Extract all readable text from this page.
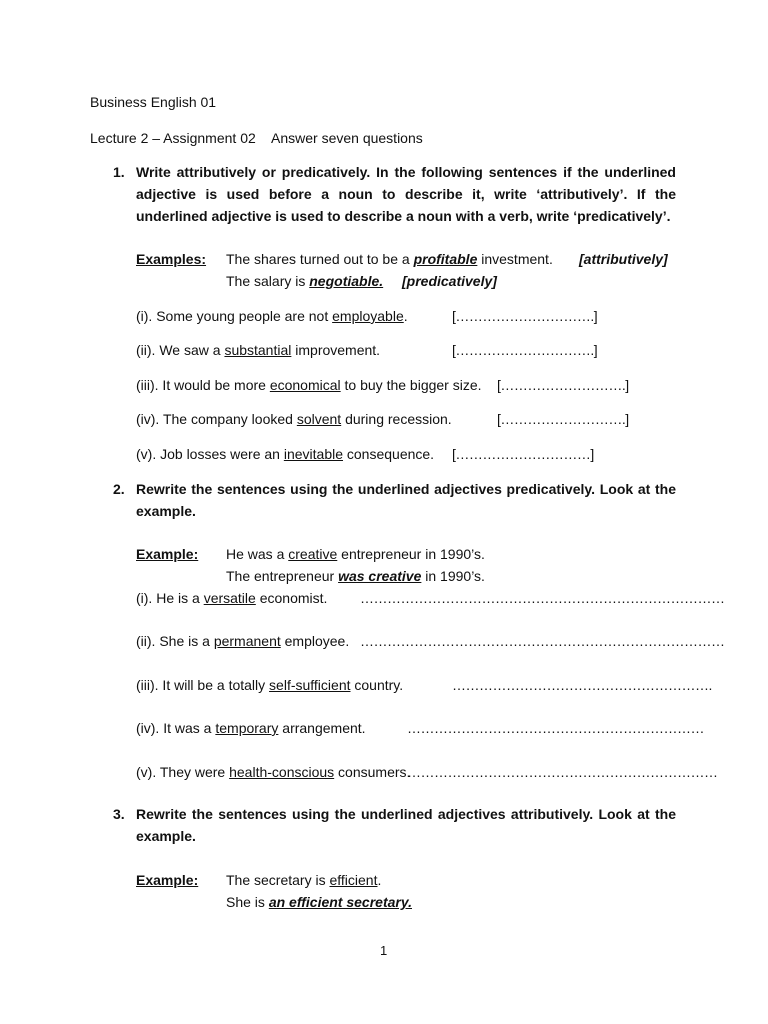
Business English 01
Lecture 2 – Assignment 02 Answer seven questions
1. Write attributively or predicatively. In the following sentences if the underlined adjective is used before a noun to describe it, write ‘attributively’. If the underlined adjective is used to describe a noun with a verb, write ‘predicatively’.
Examples: The shares turned out to be a profitable investment. [attributively]
The salary is negotiable. [predicatively]
(i). Some young people are not employable.	[………………………….]
(ii). We saw a substantial improvement.	[………………………….]
(iii). It would be more economical to buy the bigger size. [……………………….]
(iv). The company looked solvent during recession.	[……………………….]
(v). Job losses were an inevitable consequence. […………………………]
2. Rewrite the sentences using the underlined adjectives predicatively. Look at the example.
Example: He was a creative entrepreneur in 1990’s.
The entrepreneur was creative in 1990’s.
(i). He is a versatile economist. ………………………………………………………………………
(ii). She is a permanent employee. ………………………………………………………………………
(iii). It will be a totally self-sufficient country.	………………………………………………….
(iv). It was a temporary arrangement.	…………………………………………………………
(v). They were health-conscious consumers.
……………………………………………………………
3. Rewrite the sentences using the underlined adjectives attributively. Look at the example.
Example: The secretary is efficient.
She is an efficient secretary.
1
